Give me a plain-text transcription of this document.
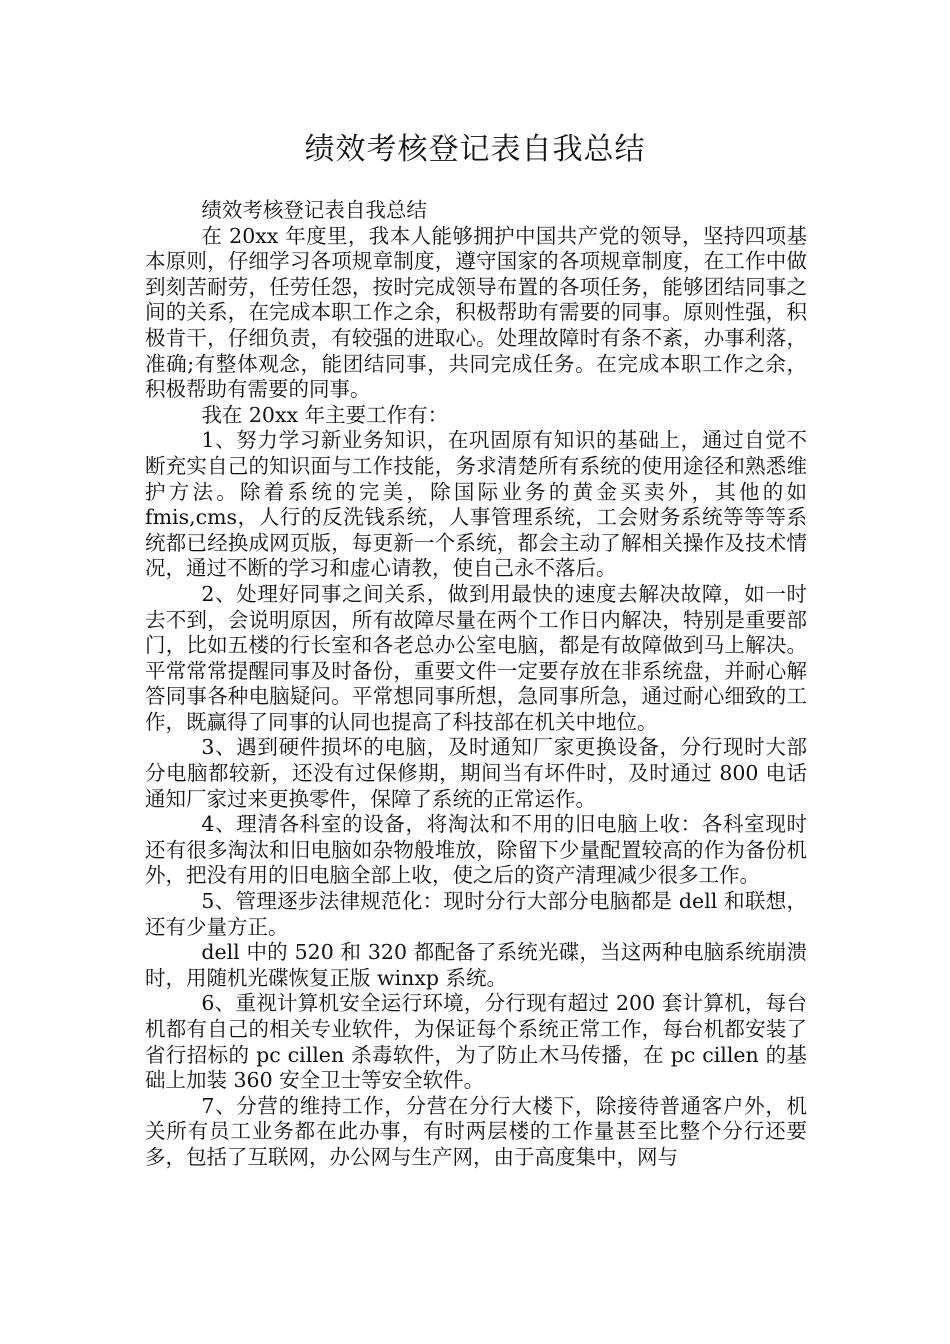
绩效考核登记表自我总结

绩效考核登记表自我总结

在 20xx 年度里，我本人能够拥护中国共产党的领导，坚持四项基本原则，仔细学习各项规章制度，遵守国家的各项规章制度，在工作中做到刻苦耐劳，任劳任怨，按时完成领导布置的各项任务，能够团结同事之间的关系，在完成本职工作之余，积极帮助有需要的同事。原则性强，积极肯干，仔细负责，有较强的进取心。处理故障时有条不紊，办事利落，准确;有整体观念，能团结同事，共同完成任务。在完成本职工作之余，积极帮助有需要的同事。

我在 20xx 年主要工作有：

1、努力学习新业务知识，在巩固原有知识的基础上，通过自觉不断充实自己的知识面与工作技能，务求清楚所有系统的使用途径和熟悉维护方法。除着系统的完美，除国际业务的黄金买卖外，其他的如 fmis,cms，人行的反洗钱系统，人事管理系统，工会财务系统等等等系统都已经换成网页版，每更新一个系统，都会主动了解相关操作及技术情况，通过不断的学习和虚心请教，使自己永不落后。

2、处理好同事之间关系，做到用最快的速度去解决故障，如一时去不到，会说明原因，所有故障尽量在两个工作日内解决，特别是重要部门，比如五楼的行长室和各老总办公室电脑，都是有故障做到马上解决。平常常常提醒同事及时备份，重要文件一定要存放在非系统盘，并耐心解答同事各种电脑疑问。平常想同事所想，急同事所急，通过耐心细致的工作，既赢得了同事的认同也提高了科技部在机关中地位。

3、遇到硬件损坏的电脑，及时通知厂家更换设备，分行现时大部分电脑都较新，还没有过保修期，期间当有坏件时，及时通过 800 电话通知厂家过来更换零件，保障了系统的正常运作。

4、理清各科室的设备，将淘汰和不用的旧电脑上收：各科室现时还有很多淘汰和旧电脑如杂物般堆放，除留下少量配置较高的作为备份机外，把没有用的旧电脑全部上收，使之后的资产清理减少很多工作。

5、管理逐步法律规范化：现时分行大部分电脑都是 dell 和联想，还有少量方正。

dell 中的 520 和 320 都配备了系统光碟，当这两种电脑系统崩溃时，用随机光碟恢复正版 winxp 系统。

6、重视计算机安全运行环境，分行现有超过 200 套计算机，每台机都有自己的相关专业软件，为保证每个系统正常工作，每台机都安装了省行招标的 pc cillen 杀毒软件，为了防止木马传播，在 pc cillen 的基础上加装 360 安全卫士等安全软件。

7、分营的维持工作，分营在分行大楼下，除接待普通客户外，机关所有员工业务都在此办事，有时两层楼的工作量甚至比整个分行还要多，包括了互联网，办公网与生产网，由于高度集中，网与
